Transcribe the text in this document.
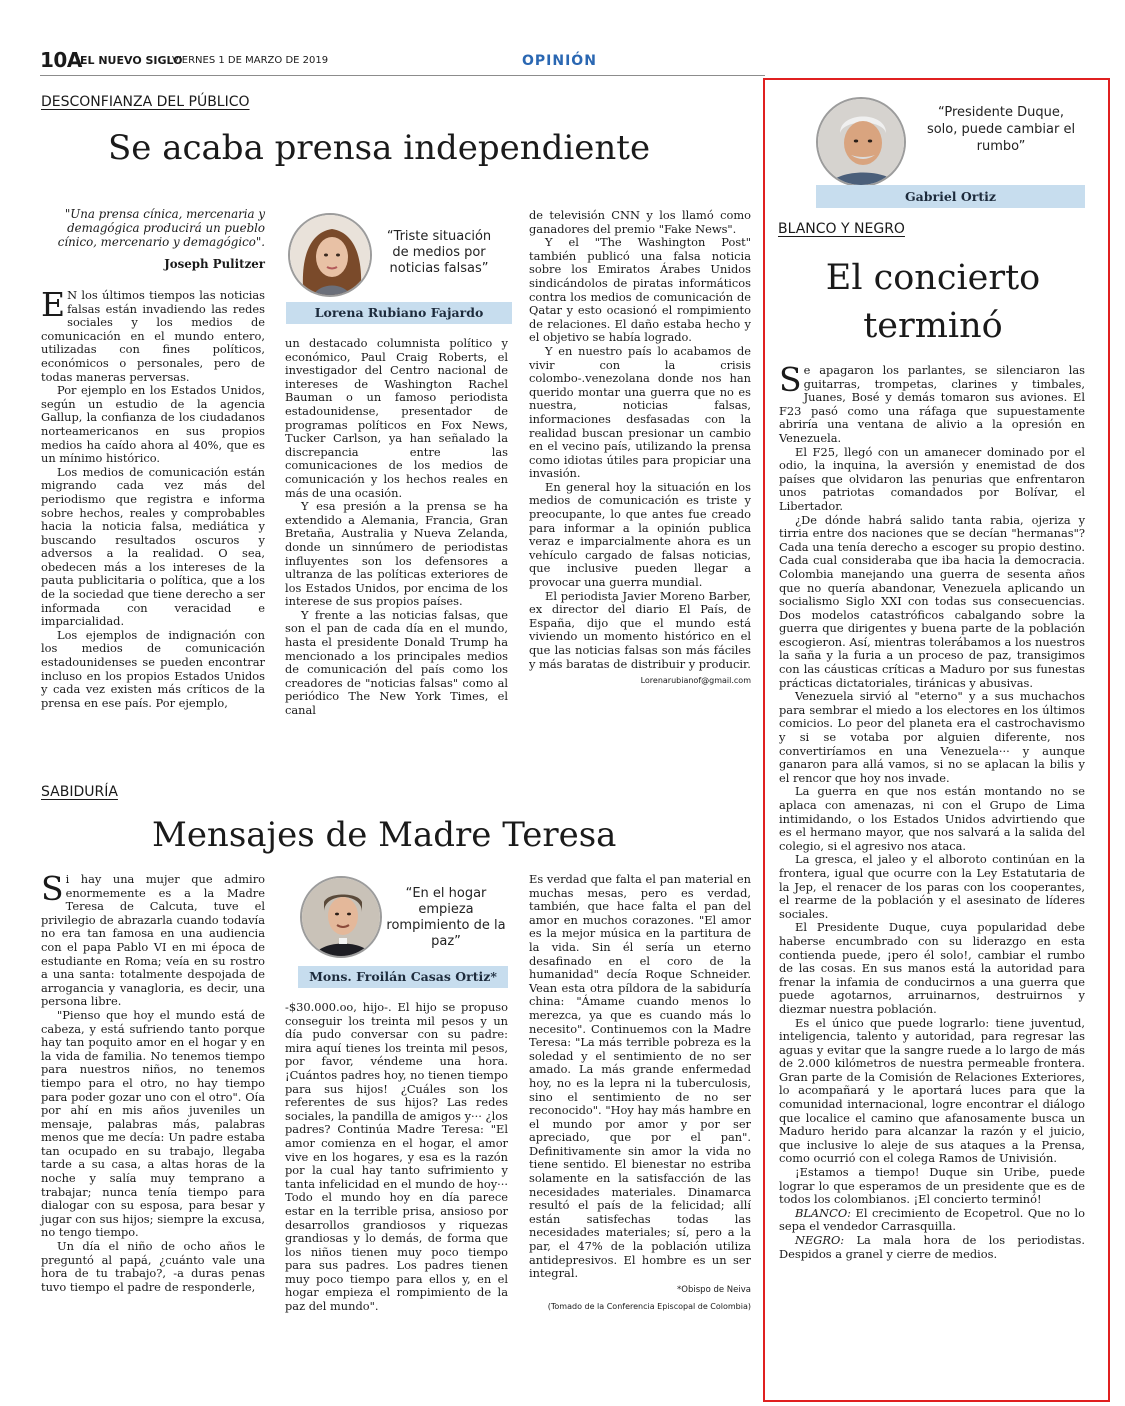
10A
EL NUEVO SIGLO
VIERNES 1 DE MARZO DE 2019	OPINIÓN
DESCONFIANZA DEL PÚBLICO
Se acaba prensa independiente
"Una prensa cínica, mercenaria y demagógica producirá un pueblo cínico, mercenario y demagógico".
Joseph Pulitzer
“Triste situación de medios por noticias falsas”
Lorena Rubiano Fajardo

E N los últimos tiempos las noticias falsas están invadiendo las redes sociales y los medios de comunicación en el mundo entero, utilizadas con fines políticos, económicos o personales, pero de todas maneras perversas.

Por ejemplo en los Estados Unidos, según un estudio de la agencia Gallup, la confianza de los ciudadanos norteamericanos en sus propios medios ha caído ahora al 40%, que es un mínimo histórico.

Los medios de comunicación están migrando cada vez más del periodismo que registra e informa sobre hechos, reales y comprobables hacia la noticia falsa, mediática y buscando resultados oscuros y adversos a la realidad. O sea, obedecen más a los intereses de la pauta publicitaria o política, que a los de la sociedad que tiene derecho a ser informada con veracidad e imparcialidad.

Los ejemplos de indignación con los medios de comunicación estadounidenses se pueden encontrar incluso en los propios Estados Unidos y cada vez existen más críticos de la prensa en ese país. Por ejemplo,

un destacado columnista político y económico, Paul Craig Roberts, el investigador del Centro nacional de intereses de Washington Rachel Bauman o un famoso periodista estadounidense, presentador de programas políticos en Fox News, Tucker Carlson, ya han señalado la discrepancia entre las comunicaciones de los medios de comunicación y los hechos reales en más de una ocasión.

Y esa presión a la prensa se ha extendido a Alemania, Francia, Gran Bretaña, Australia y Nueva Zelanda, donde un sinnúmero de periodistas influyentes son los defensores a ultranza de las políticas exteriores de los Estados Unidos, por encima de los interese de sus propios países.

Y frente a las noticias falsas, que son el pan de cada día en el mundo, hasta el presidente Donald Trump ha mencionado a los principales medios de comunicación del país como los creadores de "noticias falsas" como al periódico The New York Times, el canal

de televisión CNN y los llamó como ganadores del premio "Fake News".

Y el "The Washington Post" también publicó una falsa noticia sobre los Emiratos Árabes Unidos sindicándolos de piratas informáticos contra los medios de comunicación de Qatar y esto ocasionó el rompimiento de relaciones. El daño estaba hecho y el objetivo se había logrado.

Y en nuestro país lo acabamos de vivir con la crisis colombo-.venezolana donde nos han querido montar una guerra que no es nuestra, noticias falsas, informaciones desfasadas con la realidad buscan presionar un cambio en el vecino país, utilizando la prensa como idiotas útiles para propiciar una invasión.

En general hoy la situación en los medios de comunicación es triste y preocupante, lo que antes fue creado para informar a la opinión publica veraz e imparcialmente ahora es un vehículo cargado de falsas noticias, que inclusive pueden llegar a provocar una guerra mundial.

El periodista Javier Moreno Barber, ex director del diario El País, de España, dijo que el mundo está viviendo un momento histórico en el que las noticias falsas son más fáciles y más baratas de distribuir y producir.

Lorenarubianof@gmail.com

SABIDURÍA
Mensajes de Madre Teresa
“En el hogar empieza rompimiento de la paz”
Mons. Froilán Casas Ortiz*

Si hay una mujer que admiro enormemente es a la Madre Teresa de Calcuta, tuve el privilegio de abrazarla cuando todavía no era tan famosa en una audiencia con el papa Pablo VI en mi época de estudiante en Roma; veía en su rostro a una santa: totalmente despojada de arrogancia y vanagloria, es decir, una persona libre.

"Pienso que hoy el mundo está de cabeza, y está sufriendo tanto porque hay tan poquito amor en el hogar y en la vida de familia. No tenemos tiempo para nuestros niños, no tenemos tiempo para el otro, no hay tiempo para poder gozar uno con el otro". Oía por ahí en mis años juveniles un mensaje, palabras más, palabras menos que me decía: Un padre estaba tan ocupado en su trabajo, llegaba tarde a su casa, a altas horas de la noche y salía muy temprano a trabajar; nunca tenía tiempo para dialogar con su esposa, para besar y jugar con sus hijos; siempre la excusa, no tengo tiempo.

Un día el niño de ocho años le preguntó al papá, ¿cuánto vale una hora de tu trabajo?, -a duras penas tuvo tiempo el padre de responderle,

-$30.000.oo, hijo-. El hijo se propuso conseguir los treinta mil pesos y un día pudo conversar con su padre: mira aquí tienes los treinta mil pesos, por favor, véndeme una hora. ¡Cuántos padres hoy, no tienen tiempo para sus hijos! ¿Cuáles son los referentes de sus hijos? Las redes sociales, la pandilla de amigos y··· ¿los padres? Continúa Madre Teresa: "El amor comienza en el hogar, el amor vive en los hogares, y esa es la razón por la cual hay tanto sufrimiento y tanta infelicidad en el mundo de hoy··· Todo el mundo hoy en día parece estar en la terrible prisa, ansioso por desarrollos grandiosos y riquezas grandiosas y lo demás, de forma que los niños tienen muy poco tiempo para sus padres. Los padres tienen muy poco tiempo para ellos y, en el hogar empieza el rompimiento de la paz del mundo".

Es verdad que falta el pan material en muchas mesas, pero es verdad, también, que hace falta el pan del amor en muchos corazones. "El amor es la mejor música en la partitura de la vida. Sin él sería un eterno desafinado en el coro de la humanidad" decía Roque Schneider. Vean esta otra píldora de la sabiduría china: "Ámame cuando menos lo merezca, ya que es cuando más lo necesito". Continuemos con la Madre Teresa: "La más terrible pobreza es la soledad y el sentimiento de no ser amado. La más grande enfermedad hoy, no es la lepra ni la tuberculosis, sino el sentimiento de no ser reconocido". "Hoy hay más hambre en el mundo por amor y por ser apreciado, que por el pan". Definitivamente sin amor la vida no tiene sentido. El bienestar no estriba solamente en la satisfacción de las necesidades materiales. Dinamarca resultó el país de la felicidad; allí están satisfechas todas las necesidades materiales; sí, pero a la par, el 47% de la población utiliza antidepresivos. El hombre es un ser integral.

*Obispo de Neiva

(Tomado de la Conferencia Episcopal de Colombia)

“Presidente Duque, solo, puede cambiar el rumbo”
Gabriel Ortiz
BLANCO Y NEGRO
El concierto
terminó

Se apagaron los parlantes, se silenciaron las guitarras, trompetas, clarines y timbales, Juanes, Bosé y demás tomaron sus aviones. El F23 pasó como una ráfaga que supuestamente abriría una ventana de alivio a la opresión en Venezuela.

El F25, llegó con un amanecer dominado por el odio, la inquina, la aversión y enemistad de dos países que olvidaron las penurias que enfrentaron unos patriotas comandados por Bolívar, el Libertador.

¿De dónde habrá salido tanta rabia, ojeriza y tirria entre dos naciones que se decían "hermanas"? Cada una tenía derecho a escoger su propio destino. Cada cual consideraba que iba hacia la democracia. Colombia manejando una guerra de sesenta años que no quería abandonar, Venezuela aplicando un socialismo Siglo XXI con todas sus consecuencias. Dos modelos catastróficos cabalgando sobre la guerra que dirigentes y buena parte de la población escogieron. Así, mientras tolerábamos a los nuestros la saña y la furia a un proceso de paz, transigimos con las cáusticas críticas a Maduro por sus funestas prácticas dictatoriales, tiránicas y abusivas.

Venezuela sirvió al "eterno" y a sus muchachos para sembrar el miedo a los electores en los últimos comicios. Lo peor del planeta era el castrochavismo y si se votaba por alguien diferente, nos convertiríamos en una Venezuela··· y aunque ganaron para allá vamos, si no se aplacan la bilis y el rencor que hoy nos invade.

La guerra en que nos están montando no se aplaca con amenazas, ni con el Grupo de Lima intimidando, o los Estados Unidos advirtiendo que es el hermano mayor, que nos salvará a la salida del colegio, si el agresivo nos ataca.

La gresca, el jaleo y el alboroto continúan en la frontera, igual que ocurre con la Ley Estatutaria de la Jep, el renacer de los paras con los cooperantes, el rearme de la población y el asesinato de líderes sociales.

El Presidente Duque, cuya popularidad debe haberse encumbrado con su liderazgo en esta contienda puede, ¡pero él solo!, cambiar el rumbo de las cosas. En sus manos está la autoridad para frenar la infamia de conducirnos a una guerra que puede agotarnos, arruinarnos, destruirnos y diezmar nuestra población.

Es el único que puede lograrlo: tiene juventud, inteligencia, talento y autoridad, para regresar las aguas y evitar que la sangre ruede a lo largo de más de 2.000 kilómetros de nuestra permeable frontera. Gran parte de la Comisión de Relaciones Exteriores, lo acompañará y le aportará luces para que la comunidad internacional, logre encontrar el diálogo que localice el camino que afanosamente busca un Maduro herido para alcanzar la razón y el juicio, que inclusive lo aleje de sus ataques a la Prensa, como ocurrió con el colega Ramos de Univisión.

¡Estamos a tiempo! Duque sin Uribe, puede lograr lo que esperamos de un presidente que es de todos los colombianos. ¡El concierto terminó!

BLANCO: El crecimiento de Ecopetrol. Que no lo sepa el vendedor Carrasquilla.

NEGRO: La mala hora de los periodistas. Despidos a granel y cierre de medios.
